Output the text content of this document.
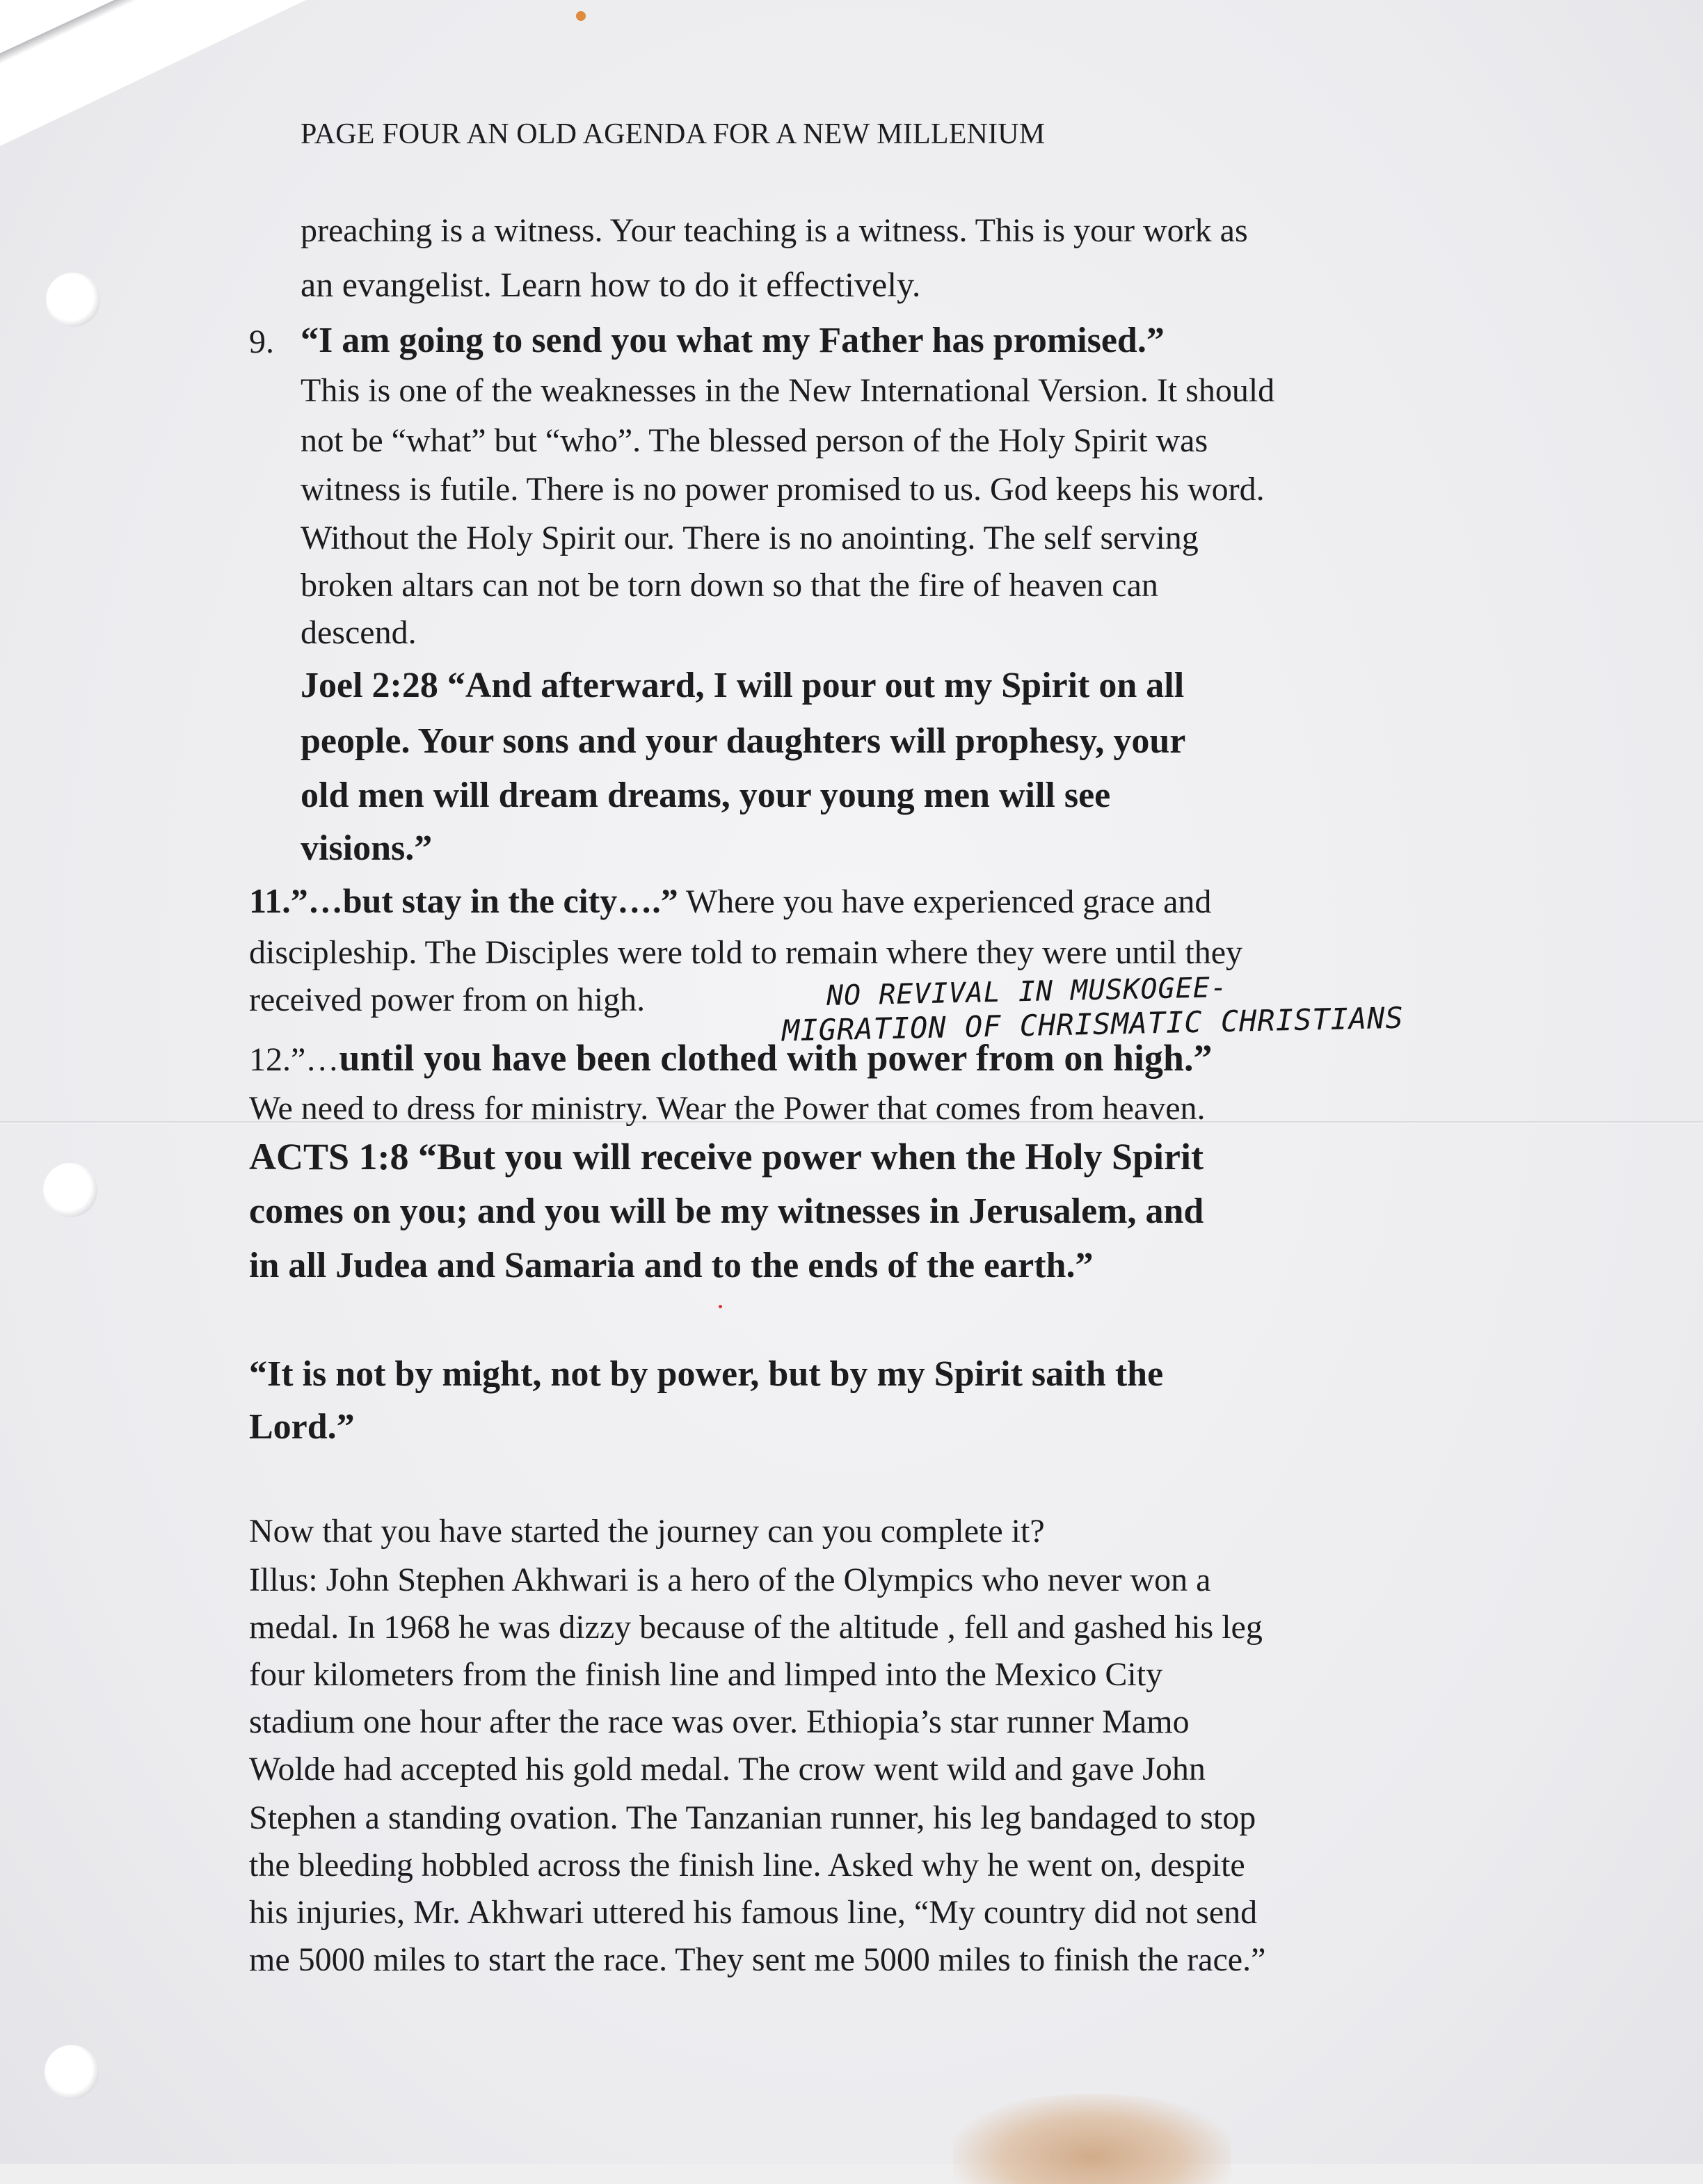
PAGE FOUR AN OLD AGENDA FOR A NEW MILLENIUM
preaching is a witness. Your teaching is a witness. This is your work as
an evangelist. Learn how to do it effectively.
9. “I am going to send you what my Father has promised.”
This is one of the weaknesses in the New International Version. It should
not be “what” but “who”. The blessed person of the Holy Spirit was
witness is futile. There is no power promised to us. God keeps his word.
Without the Holy Spirit our. There is no anointing. The self serving
broken altars can not be torn down so that the fire of heaven can
descend.
Joel 2:28 “And afterward, I will pour out my Spirit on all
people. Your sons and your daughters will prophesy, your
old men will dream dreams, your young men will see
visions.”
11.”…but stay in the city….” Where you have experienced grace and
discipleship. The Disciples were told to remain where they were until they
received power from on high.	NO REVIVAL IN MUSKOGEE-
MIGRATION OF CHRISMATIC CHRISTIANS
12.”…until you have been clothed with power from on high.”
We need to dress for ministry. Wear the Power that comes from heaven.
ACTS 1:8 “But you will receive power when the Holy Spirit
comes on you; and you will be my witnesses in Jerusalem, and
in all Judea and Samaria and to the ends of the earth.”
“It is not by might, not by power, but by my Spirit saith the
Lord.”
Now that you have started the journey can you complete it?
Illus: John Stephen Akhwari is a hero of the Olympics who never won a
medal. In 1968 he was dizzy because of the altitude , fell and gashed his leg
four kilometers from the finish line and limped into the Mexico City
stadium one hour after the race was over. Ethiopia’s star runner Mamo
Wolde had accepted his gold medal. The crow went wild and gave John
Stephen a standing ovation. The Tanzanian runner, his leg bandaged to stop
the bleeding hobbled across the finish line. Asked why he went on, despite
his injuries, Mr. Akhwari uttered his famous line, “My country did not send
me 5000 miles to start the race. They sent me 5000 miles to finish the race.”
